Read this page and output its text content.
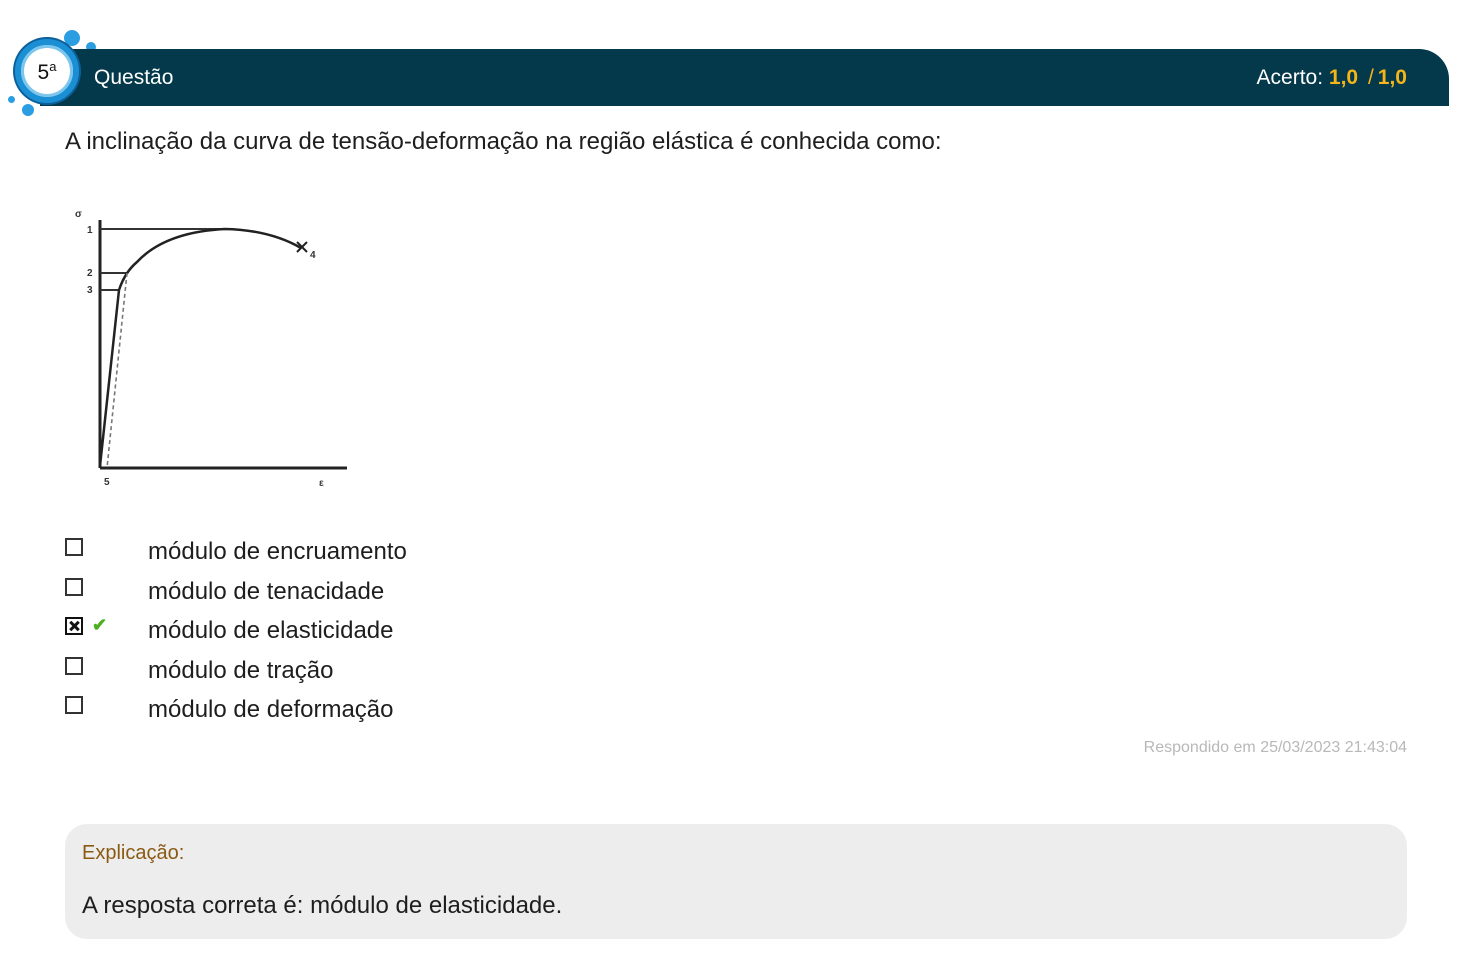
Questão	Acerto: 1,0 / 1,0
5$^a$
A inclinação da curva de tensão-deformação na região elástica é conhecida como:
σ
1
2
3
4
5	ε
módulo de encruamento
módulo de tenacidade
✔ módulo de elasticidade
módulo de tração
módulo de deformação
Respondido em 25/03/2023 21:43:04
Explicação:
A resposta correta é: módulo de elasticidade.
